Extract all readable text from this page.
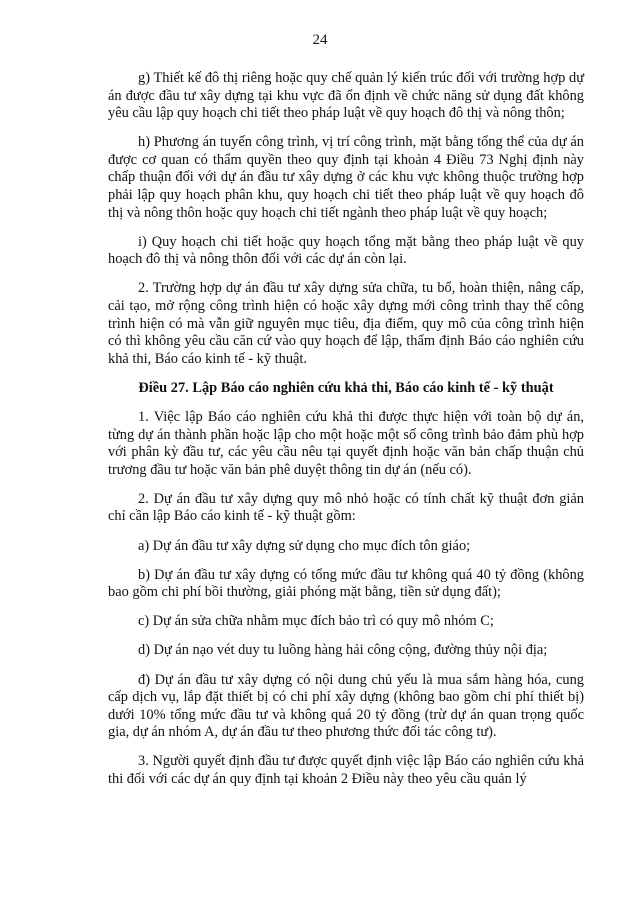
24

g) Thiết kế đô thị riêng hoặc quy chế quản lý kiến trúc đối với trường hợp dự án được đầu tư xây dựng tại khu vực đã ổn định về chức năng sử dụng đất không yêu cầu lập quy hoạch chi tiết theo pháp luật về quy hoạch đô thị và nông thôn;

h) Phương án tuyến công trình, vị trí công trình, mặt bằng tổng thể của dự án được cơ quan có thẩm quyền theo quy định tại khoản 4 Điều 73 Nghị định này chấp thuận đối với dự án đầu tư xây dựng ở các khu vực không thuộc trường hợp phải lập quy hoạch phân khu, quy hoạch chi tiết theo pháp luật về quy hoạch đô thị và nông thôn hoặc quy hoạch chi tiết ngành theo pháp luật về quy hoạch;

i) Quy hoạch chi tiết hoặc quy hoạch tổng mặt bằng theo pháp luật về quy hoạch đô thị và nông thôn đối với các dự án còn lại.

2. Trường hợp dự án đầu tư xây dựng sửa chữa, tu bổ, hoàn thiện, nâng cấp, cải tạo, mở rộng công trình hiện có hoặc xây dựng mới công trình thay thế công trình hiện có mà vẫn giữ nguyên mục tiêu, địa điểm, quy mô của công trình hiện có thì không yêu cầu căn cứ vào quy hoạch để lập, thẩm định Báo cáo nghiên cứu khả thi, Báo cáo kinh tế - kỹ thuật.

Điều 27. Lập Báo cáo nghiên cứu khả thi, Báo cáo kinh tế - kỹ thuật

1. Việc lập Báo cáo nghiên cứu khả thi được thực hiện với toàn bộ dự án, từng dự án thành phần hoặc lập cho một hoặc một số công trình bảo đảm phù hợp với phân kỳ đầu tư, các yêu cầu nêu tại quyết định hoặc văn bản chấp thuận chủ trương đầu tư hoặc văn bản phê duyệt thông tin dự án (nếu có).

2. Dự án đầu tư xây dựng quy mô nhỏ hoặc có tính chất kỹ thuật đơn giản chỉ cần lập Báo cáo kinh tế - kỹ thuật gồm:

a) Dự án đầu tư xây dựng sử dụng cho mục đích tôn giáo;

b) Dự án đầu tư xây dựng có tổng mức đầu tư không quá 40 tỷ đồng (không bao gồm chi phí bồi thường, giải phóng mặt bằng, tiền sử dụng đất);

c) Dự án sửa chữa nhằm mục đích bảo trì có quy mô nhóm C;

d) Dự án nạo vét duy tu luồng hàng hải công cộng, đường thủy nội địa;

đ) Dự án đầu tư xây dựng có nội dung chủ yếu là mua sắm hàng hóa, cung cấp dịch vụ, lắp đặt thiết bị có chi phí xây dựng (không bao gồm chi phí thiết bị) dưới 10% tổng mức đầu tư và không quá 20 tỷ đồng (trừ dự án quan trọng quốc gia, dự án nhóm A, dự án đầu tư theo phương thức đối tác công tư).

3. Người quyết định đầu tư được quyết định việc lập Báo cáo nghiên cứu khả thi đối với các dự án quy định tại khoản 2 Điều này theo yêu cầu quản lý
